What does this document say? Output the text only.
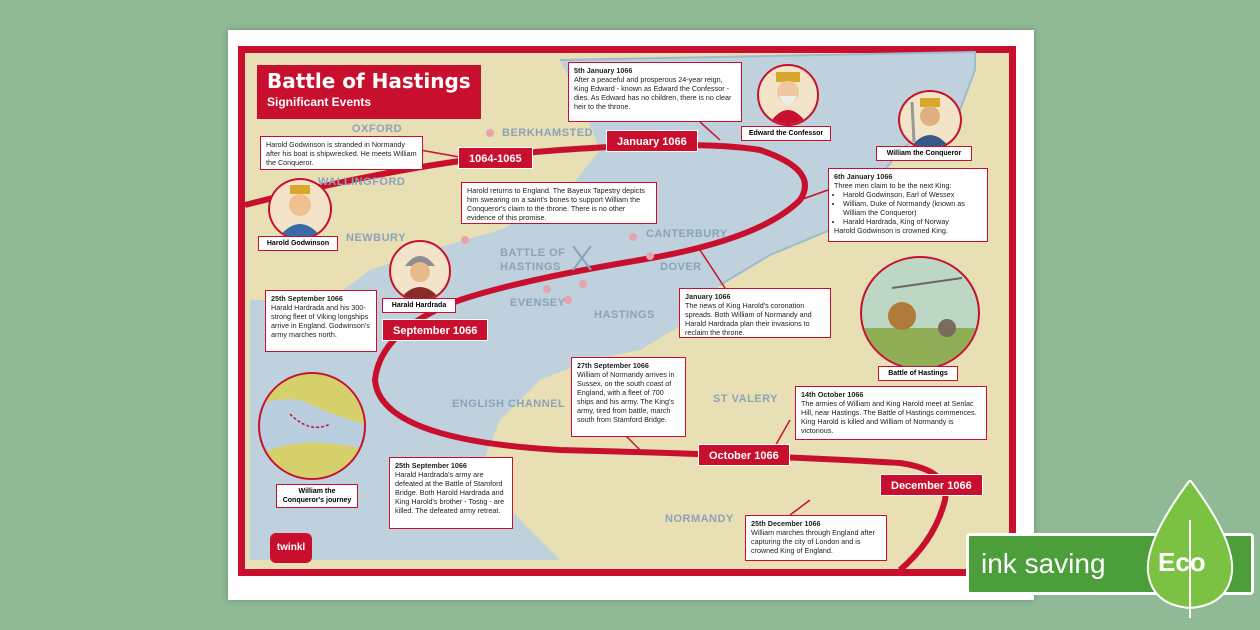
Battle of Hastings
Significant Events
OXFORD	BERKHAMSTED
WALLINGFORD
NEWBURY	CANTERBURY
BATTLE OF
HASTINGS	DOVER
EVENSEY
HASTINGS
ENGLISH CHANNEL	ST VALERY
NORMANDY
1064-1065
January 1066
September 1066
October 1066
December 1066
Harold Godwinson is stranded in Normandy after his boat is shipwrecked. He meets William the Conqueror.
5th January 1066
After a peaceful and prosperous 24-year reign, King Edward - known as Edward the Confessor - dies. As Edward has no children, there is no clear heir to the throne.
Harold returns to England. The Bayeux Tapestry depicts him swearing on a saint's bones to support William the Conqueror's claim to the throne. There is no other evidence of this promise.
6th January 1066
Three men claim to be the next King:
• Harold Godwinson, Earl of Wessex
• William, Duke of Normandy (known as William the Conqueror)
• Harald Hardrada, King of Norway
Harold Godwinson is crowned King.
25th September 1066
Harald Hardrada and his 300-strong fleet of Viking longships arrive in England. Godwinson's army marches north.
January 1066
The news of King Harold's coronation spreads. Both William of Normandy and Harald Hardrada plan their invasions to reclaim the throne.
27th September 1066
William of Normandy arrives in Sussex, on the south coast of England, with a fleet of 700 ships and his army. The King's army, tired from battle, march south from Stamford Bridge.
14th October 1066
The armies of William and King Harold meet at Senlac Hill, near Hastings. The Battle of Hastings commences. King Harold is killed and William of Normandy is victorious.
25th September 1066
Harald Hardrada's army are defeated at the Battle of Stamford Bridge. Both Harold Hardrada and King Harold's brother - Tostig - are killed. The defeated army retreat.
25th December 1066
William marches through England after capturing the city of London and is crowned King of England.
Edward the Confessor
William the Conqueror
Harold Godwinson
Harald Hardrada
Battle of Hastings
William the Conqueror's journey
twinkl
ink saving Eco
